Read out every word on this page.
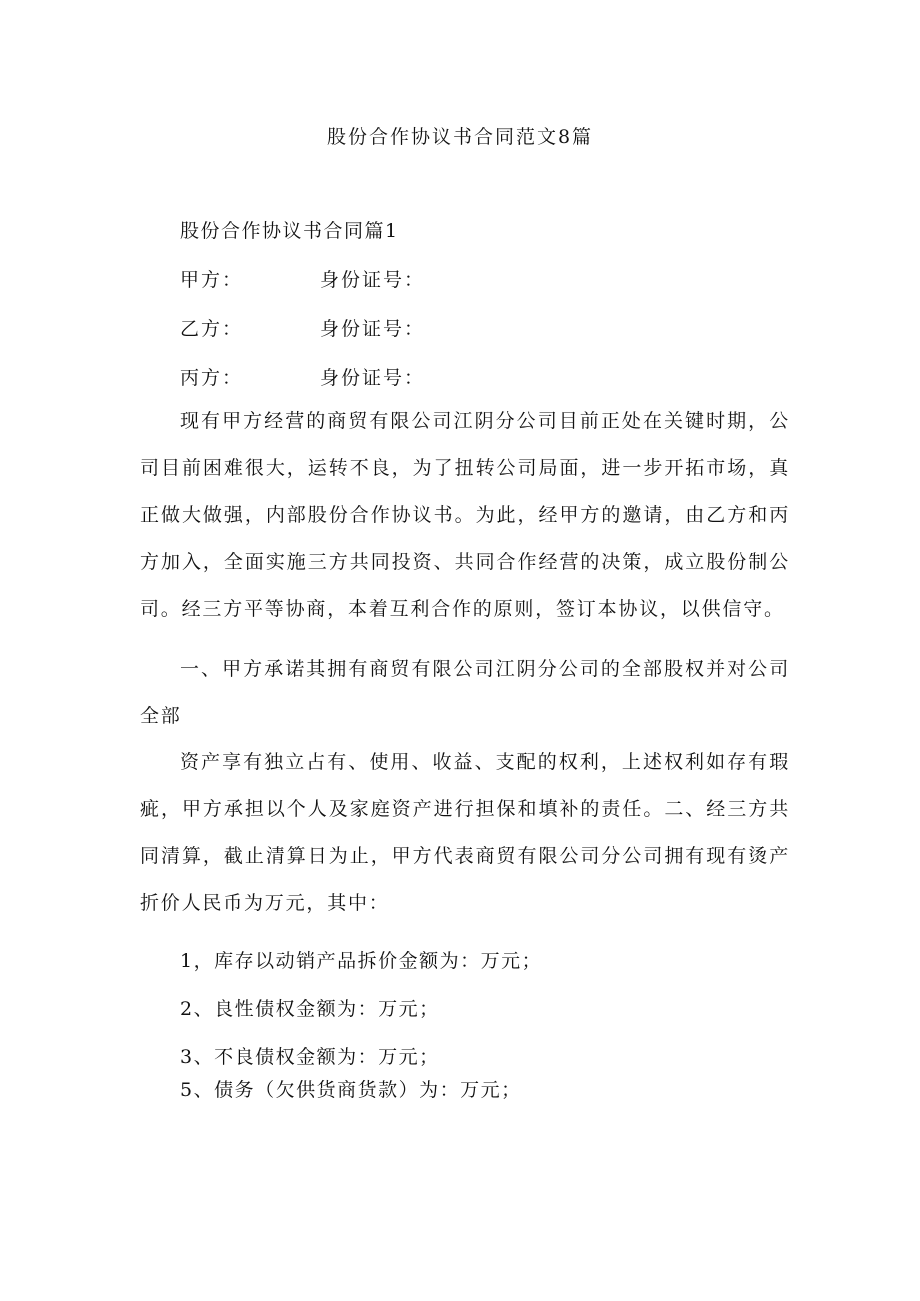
股份合作协议书合同范文8篇
股份合作协议书合同篇1
甲方：	身份证号：
乙方：	身份证号：
丙方：	身份证号：
现有甲方经营的商贸有限公司江阴分公司目前正处在关键时期，公司目前困难很大，运转不良，为了扭转公司局面，进一步开拓市场，真正做大做强，内部股份合作协议书。为此，经甲方的邀请，由乙方和丙方加入，全面实施三方共同投资、共同合作经营的决策，成立股份制公司。经三方平等协商，本着互利合作的原则，签订本协议，以供信守。
一、甲方承诺其拥有商贸有限公司江阴分公司的全部股权并对公司全部
资产享有独立占有、使用、收益、支配的权利，上述权利如存有瑕疵，甲方承担以个人及家庭资产进行担保和填补的责任。二、经三方共同清算，截止清算日为止，甲方代表商贸有限公司分公司拥有现有烫产折价人民币为万元，其中：
1，库存以动销产品拆价金额为：万元；
2、良性债权金额为：万元；
3、不良债权金额为：万元；
5、债务（欠供货商货款）为：万元；
